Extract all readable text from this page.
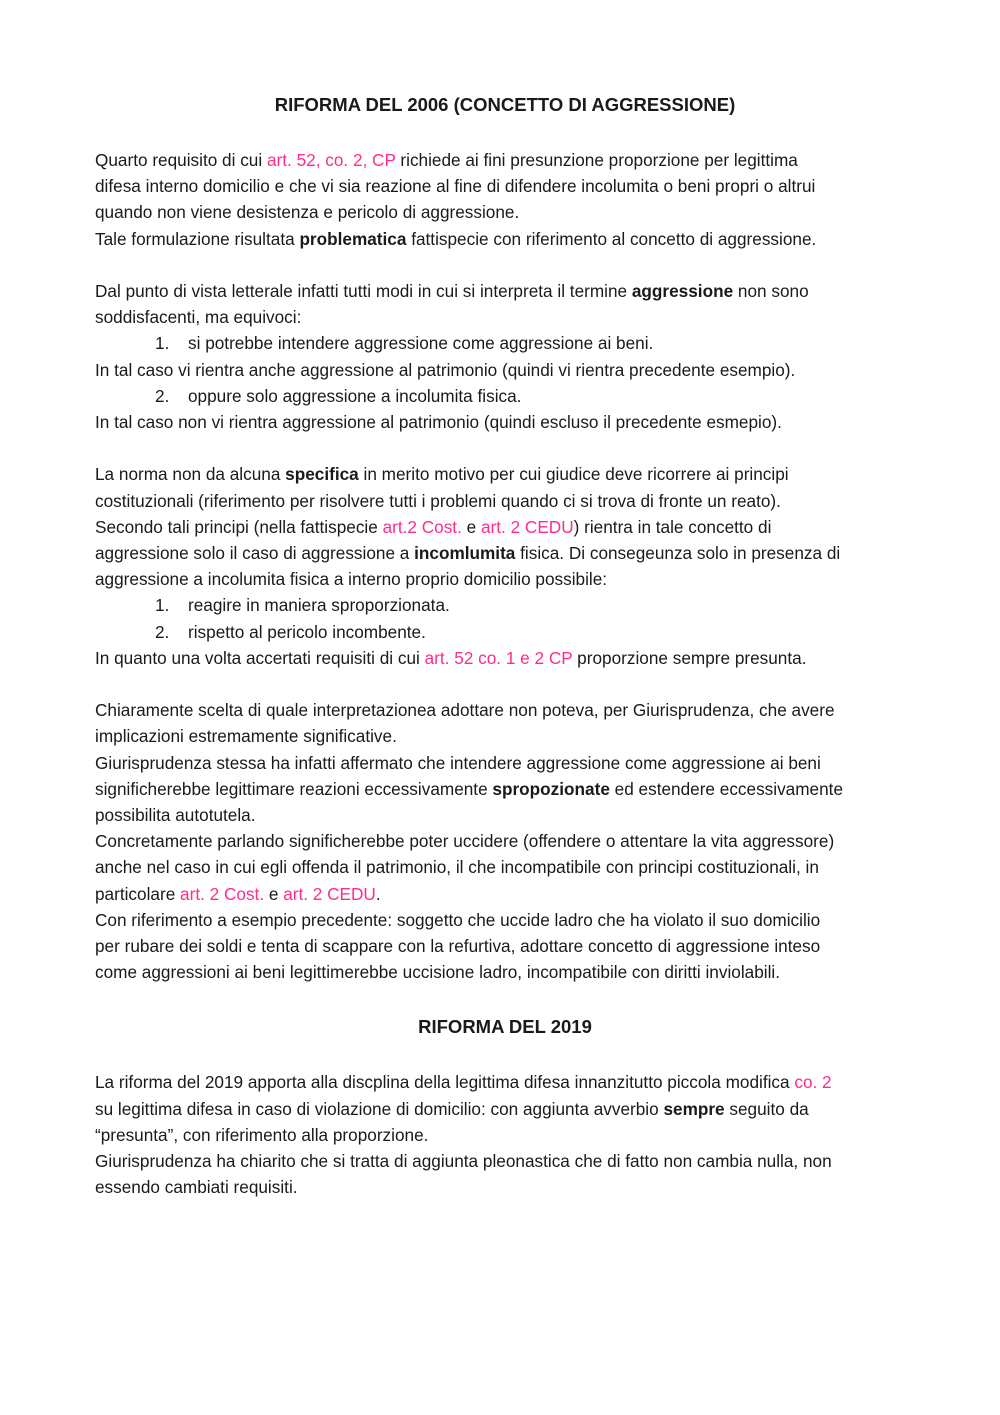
RIFORMA DEL 2006 (CONCETTO DI AGGRESSIONE)

Quarto requisito di cui art. 52, co. 2, CP richiede ai fini presunzione proporzione per legittima

difesa interno domicilio e che vi sia reazione al fine di difendere incolumita o beni propri o altrui

quando non viene desistenza e pericolo di aggressione.

Tale formulazione risultata problematica fattispecie con riferimento al concetto di aggressione.

Dal punto di vista letterale infatti tutti modi in cui si interpreta il termine aggressione non sono

soddisfacenti, ma equivoci:

1. si potrebbe intendere aggressione come aggressione ai beni.

In tal caso vi rientra anche aggressione al patrimonio (quindi vi rientra precedente esempio).

2. oppure solo aggressione a incolumita fisica.

In tal caso non vi rientra aggressione al patrimonio (quindi escluso il precedente esmepio).

La norma non da alcuna specifica in merito motivo per cui giudice deve ricorrere ai principi

costituzionali (riferimento per risolvere tutti i problemi quando ci si trova di fronte un reato).

Secondo tali principi (nella fattispecie art.2 Cost. e art. 2 CEDU) rientra in tale concetto di

aggressione solo il caso di aggressione a incomlumita fisica. Di consegeunza solo in presenza di

aggressione a incolumita fisica a interno proprio domicilio possibile:

1. reagire in maniera sproporzionata.

2. rispetto al pericolo incombente.

In quanto una volta accertati requisiti di cui art. 52 co. 1 e 2 CP proporzione sempre presunta.

Chiaramente scelta di quale interpretazionea adottare non poteva, per Giurisprudenza, che avere

implicazioni estremamente significative.

Giurisprudenza stessa ha infatti affermato che intendere aggressione come aggressione ai beni

significherebbe legittimare reazioni eccessivamente spropozionate ed estendere eccessivamente

possibilita autotutela.

Concretamente parlando significherebbe poter uccidere (offendere o attentare la vita aggressore)

anche nel caso in cui egli offenda il patrimonio, il che incompatibile con principi costituzionali, in

particolare art. 2 Cost. e art. 2 CEDU.

Con riferimento a esempio precedente: soggetto che uccide ladro che ha violato il suo domicilio

per rubare dei soldi e tenta di scappare con la refurtiva, adottare concetto di aggressione inteso

come aggressioni ai beni legittimerebbe uccisione ladro, incompatibile con diritti inviolabili.

RIFORMA DEL 2019

La riforma del 2019 apporta alla discplina della legittima difesa innanzitutto piccola modifica co. 2

su legittima difesa in caso di violazione di domicilio: con aggiunta avverbio sempre seguito da

“presunta”, con riferimento alla proporzione.

Giurisprudenza ha chiarito che si tratta di aggiunta pleonastica che di fatto non cambia nulla, non

essendo cambiati requisiti.
